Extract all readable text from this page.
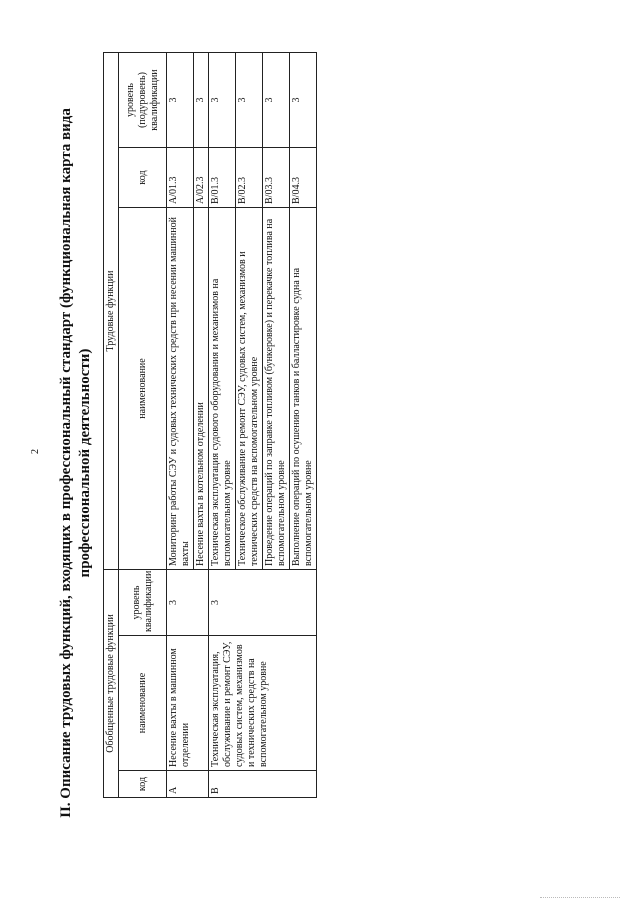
2 II. Описание трудовых функций, входящих в профессиональный стандарт (функциональная карта вида профессиональной деятельности)
Обобщенные трудовые функции			Трудовые функции		
код	наименование	уровень квалификации	наименование	код	уровень (подуровень) квалификации
A	Несение вахты в машинном отделении	3	Мониторинг работы СЭУ и судовых технических средств при несении машинной вахты	A/01.3	3
			Несение вахты в котельном отделении	A/02.3	3
B	Техническая эксплуатация, обслуживание и ремонт СЭУ, судовых систем, механизмов и технических средств на вспомогательном уровне	3	Техническая эксплуатация судового оборудования и механизмов на вспомогательном уровне	B/01.3	3
			Техническое обслуживание и ремонт СЭУ, судовых систем, механизмов и технических средств на вспомогательном уровне	B/02.3	3
			Проведение операций по заправке топливом (бункеровке) и перекачке топлива на вспомогательном уровне	B/03.3	3
			Выполнение операций по осушению танков и балластировке судна на вспомогательном уровне	B/04.3	3
